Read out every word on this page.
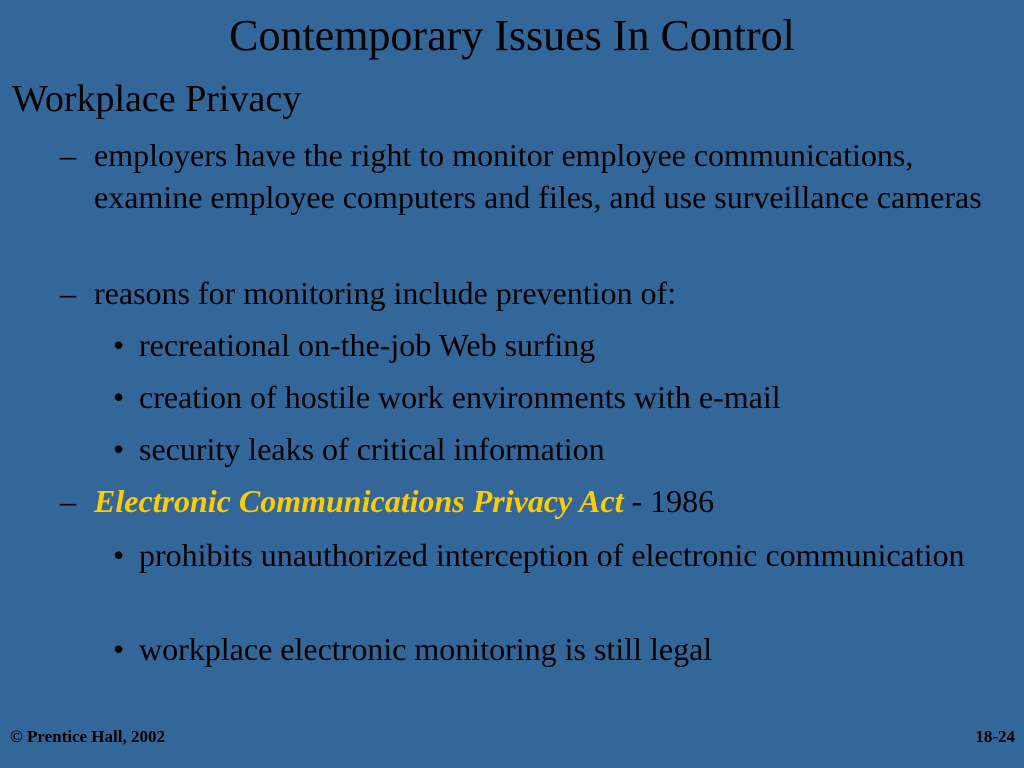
Contemporary Issues In Control
Workplace Privacy
– employers have the right to monitor employee communications, examine employee computers and files, and use surveillance cameras
– reasons for monitoring include prevention of:
• recreational on-the-job Web surfing
• creation of hostile work environments with e-mail
• security leaks of critical information
– Electronic Communications Privacy Act - 1986
• prohibits unauthorized interception of electronic communication
• workplace electronic monitoring is still legal
© Prentice Hall, 2002	18-24
